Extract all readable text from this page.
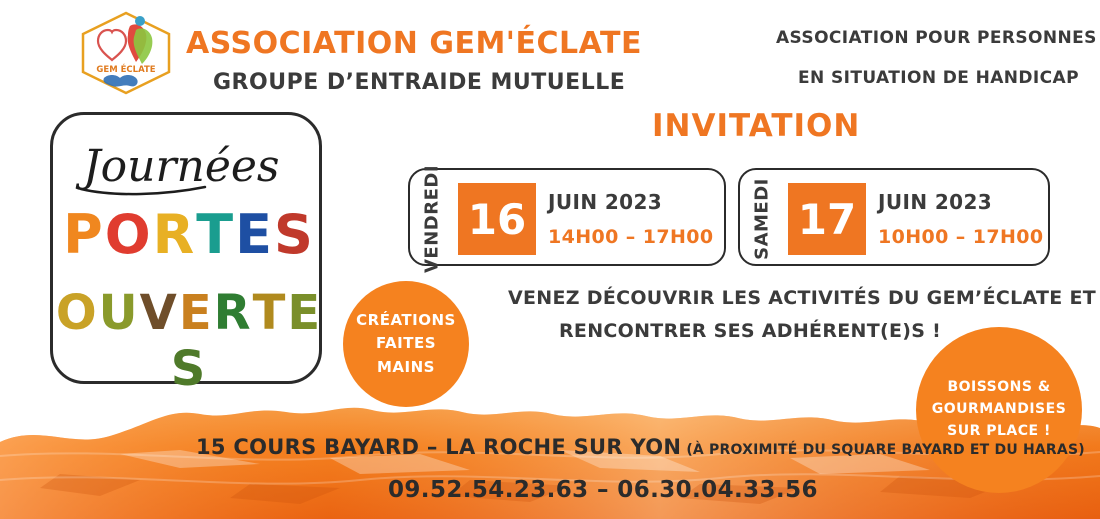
GEM ÉCLATE
ASSOCIATION GEM'ÉCLATE
GROUPE D’ENTRAIDE MUTUELLE
ASSOCIATION POUR PERSONNES
EN SITUATION DE HANDICAP
INVITATION
Journées
PORTES
OUVERTES
VENDREDI 16	JUIN 2023
14H00 – 17H00 SAMEDI 17	JUIN 2023
10H00 – 17H00
VENEZ DÉCOUVRIR LES ACTIVITÉS DU GEM’ÉCLATE ET
RENCONTRER SES ADHÉRENT(E)S !
CRÉATIONS
FAITES
MAINS
BOISSONS &
GOURMANDISES
SUR PLACE !
15 COURS BAYARD – LA ROCHE SUR YON (À PROXIMITÉ DU SQUARE BAYARD ET DU HARAS)
09.52.54.23.63 – 06.30.04.33.56
